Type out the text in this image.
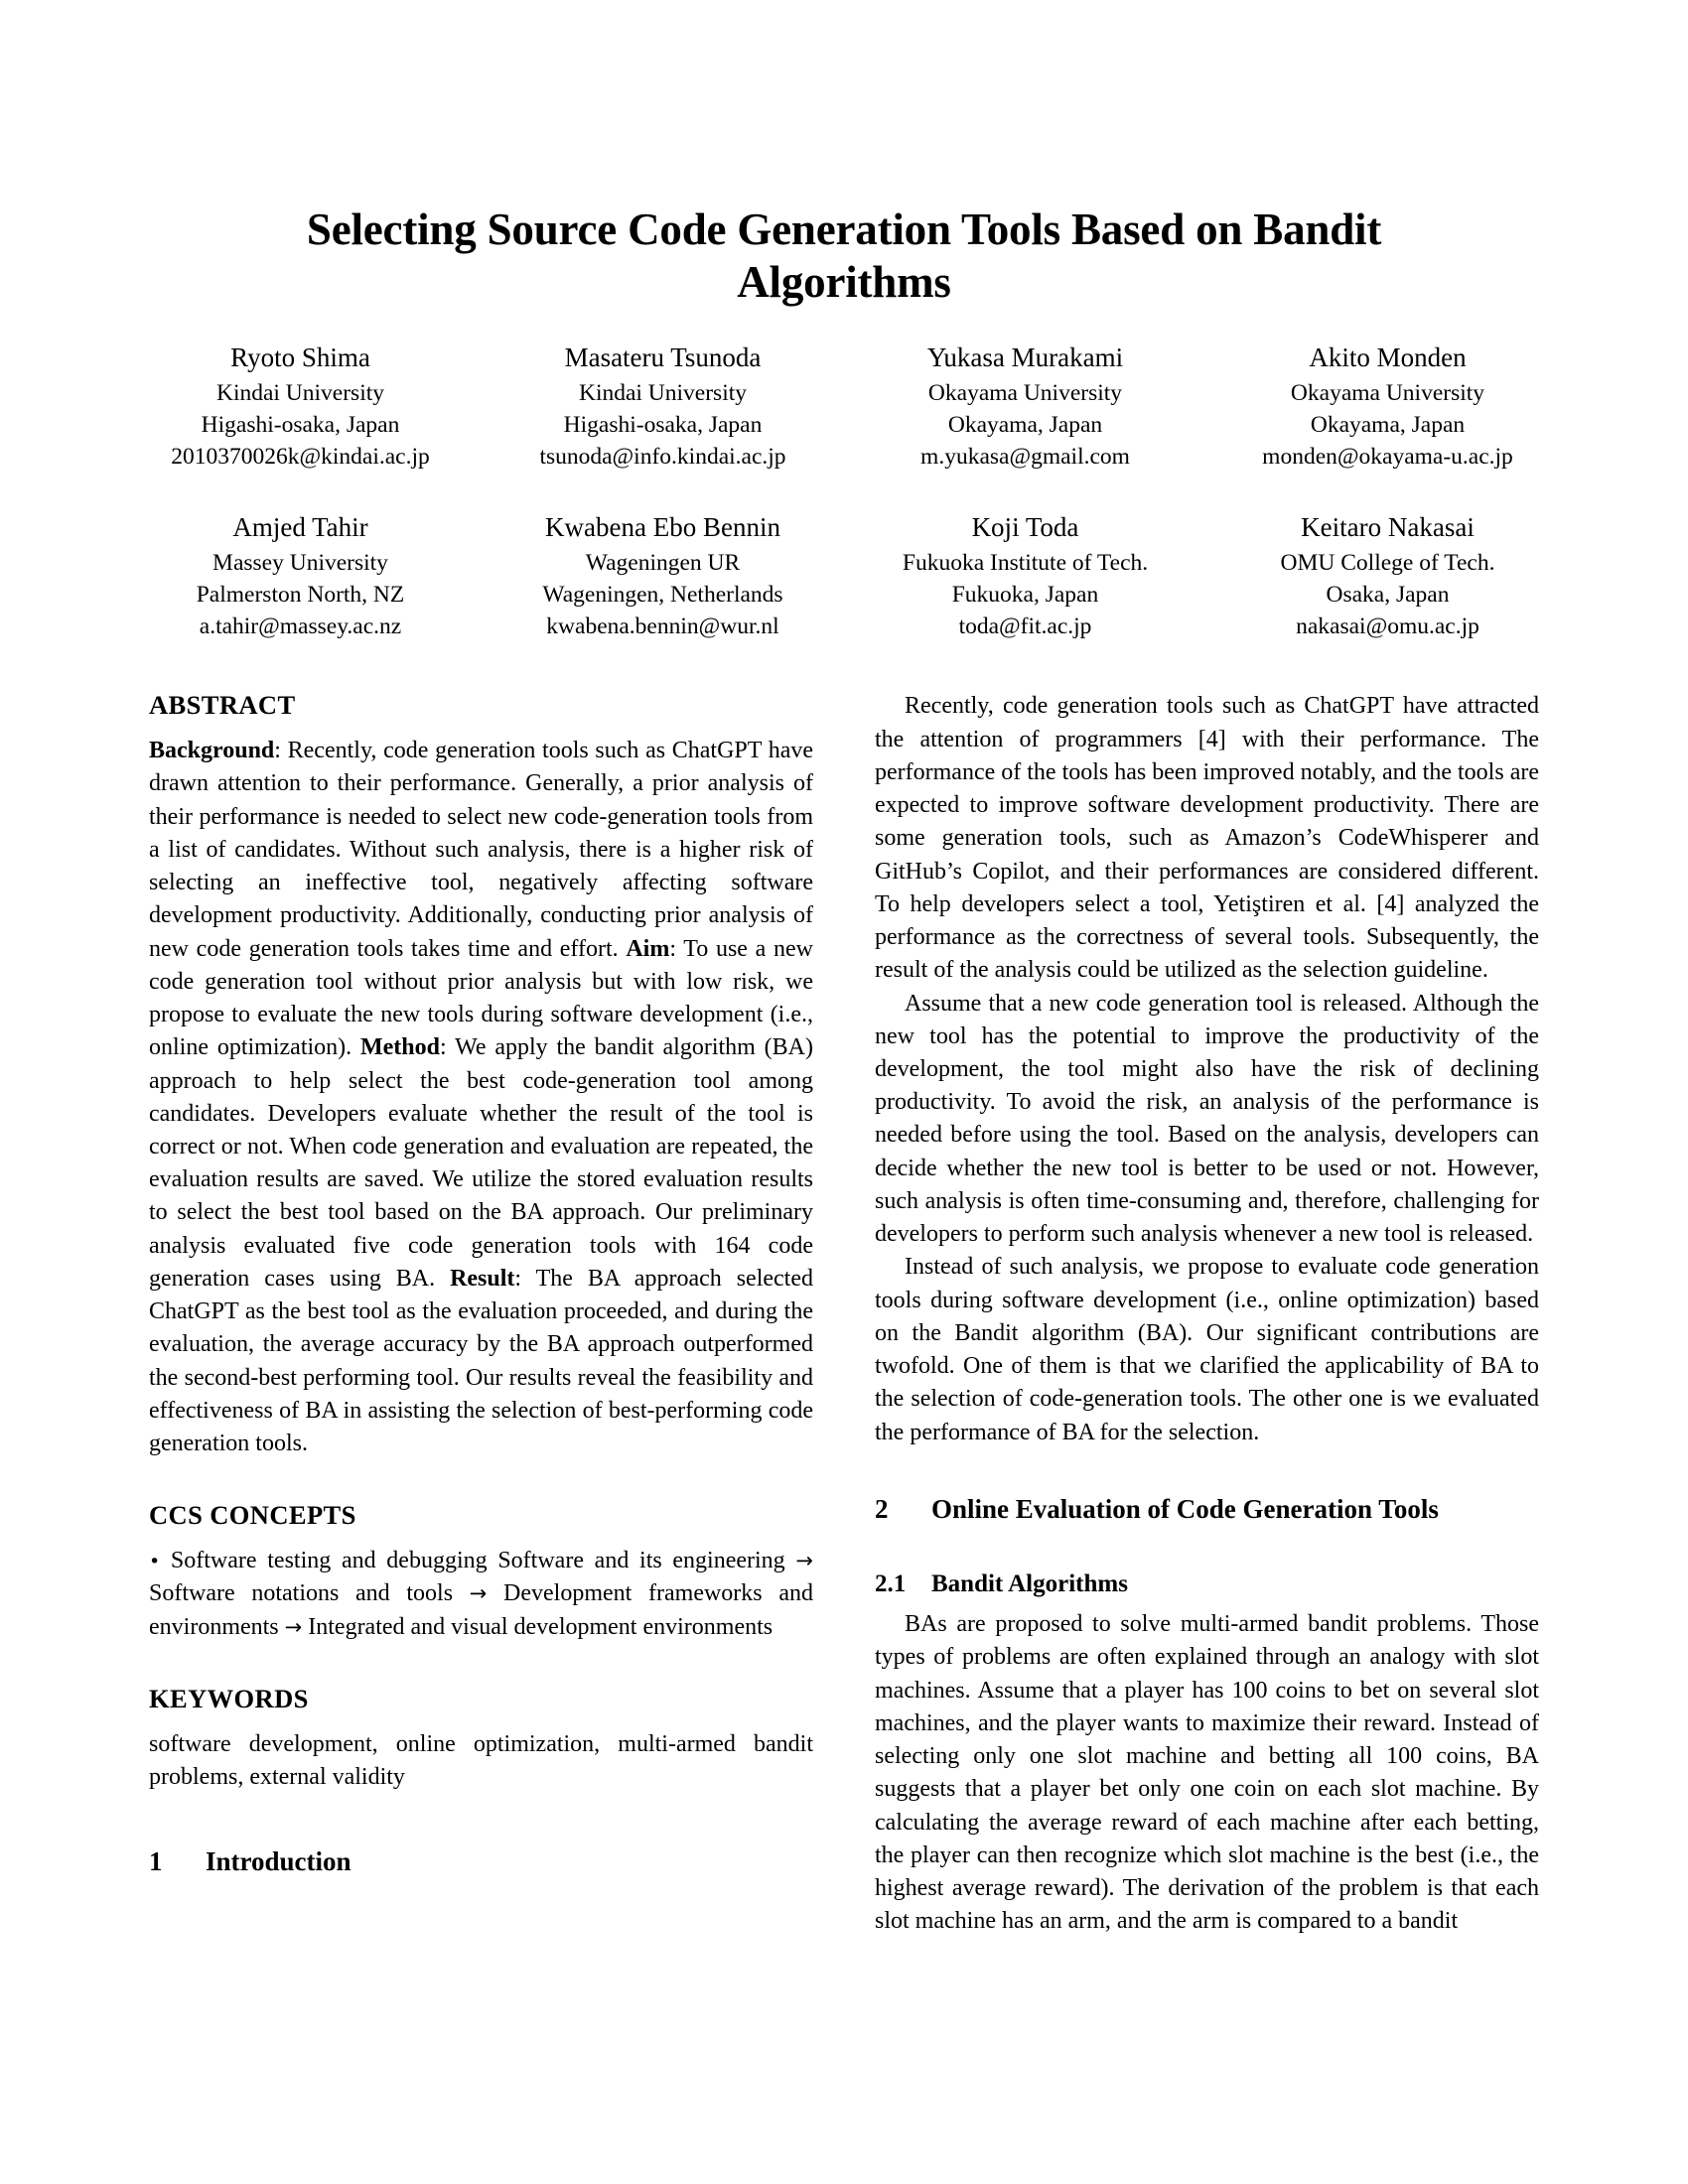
Selecting Source Code Generation Tools Based on Bandit Algorithms
Ryoto Shima
Kindai University
Higashi-osaka, Japan
2010370026k@kindai.ac.jp
Masateru Tsunoda
Kindai University
Higashi-osaka, Japan
tsunoda@info.kindai.ac.jp
Yukasa Murakami
Okayama University
Okayama, Japan
m.yukasa@gmail.com
Akito Monden
Okayama University
Okayama, Japan
monden@okayama-u.ac.jp
Amjed Tahir
Massey University
Palmerston North, NZ
a.tahir@massey.ac.nz
Kwabena Ebo Bennin
Wageningen UR
Wageningen, Netherlands
kwabena.bennin@wur.nl
Koji Toda
Fukuoka Institute of Tech.
Fukuoka, Japan
toda@fit.ac.jp
Keitaro Nakasai
OMU College of Tech.
Osaka, Japan
nakasai@omu.ac.jp
ABSTRACT

Background: Recently, code generation tools such as ChatGPT have drawn attention to their performance. Generally, a prior analysis of their performance is needed to select new code-generation tools from a list of candidates. Without such analysis, there is a higher risk of selecting an ineffective tool, negatively affecting software development productivity. Additionally, conducting prior analysis of new code generation tools takes time and effort. Aim: To use a new code generation tool without prior analysis but with low risk, we propose to evaluate the new tools during software development (i.e., online optimization). Method: We apply the bandit algorithm (BA) approach to help select the best code-generation tool among candidates. Developers evaluate whether the result of the tool is correct or not. When code generation and evaluation are repeated, the evaluation results are saved. We utilize the stored evaluation results to select the best tool based on the BA approach. Our preliminary analysis evaluated five code generation tools with 164 code generation cases using BA. Result: The BA approach selected ChatGPT as the best tool as the evaluation proceeded, and during the evaluation, the average accuracy by the BA approach outperformed the second-best performing tool. Our results reveal the feasibility and effectiveness of BA in assisting the selection of best-performing code generation tools.

CCS CONCEPTS

• Software testing and debugging Software and its engineering → Software notations and tools → Development frameworks and environments → Integrated and visual development environments

KEYWORDS

software development, online optimization, multi-armed bandit problems, external validity

1	Introduction

Recently, code generation tools such as ChatGPT have attracted the attention of programmers [4] with their performance. The performance of the tools has been improved notably, and the tools are expected to improve software development productivity. There are some generation tools, such as Amazon’s CodeWhisperer and GitHub’s Copilot, and their performances are considered different. To help developers select a tool, Yetiştiren et al. [4] analyzed the performance as the correctness of several tools. Subsequently, the result of the analysis could be utilized as the selection guideline.

Assume that a new code generation tool is released. Although the new tool has the potential to improve the productivity of the development, the tool might also have the risk of declining productivity. To avoid the risk, an analysis of the performance is needed before using the tool. Based on the analysis, developers can decide whether the new tool is better to be used or not. However, such analysis is often time-consuming and, therefore, challenging for developers to perform such analysis whenever a new tool is released.

Instead of such analysis, we propose to evaluate code generation tools during software development (i.e., online optimization) based on the Bandit algorithm (BA). Our significant contributions are twofold. One of them is that we clarified the applicability of BA to the selection of code-generation tools. The other one is we evaluated the performance of BA for the selection.

2	Online Evaluation of Code Generation Tools
2.1	Bandit Algorithms

BAs are proposed to solve multi-armed bandit problems. Those types of problems are often explained through an analogy with slot machines. Assume that a player has 100 coins to bet on several slot machines, and the player wants to maximize their reward. Instead of selecting only one slot machine and betting all 100 coins, BA suggests that a player bet only one coin on each slot machine. By calculating the average reward of each machine after each betting, the player can then recognize which slot machine is the best (i.e., the highest average reward). The derivation of the problem is that each slot machine has an arm, and the arm is compared to a bandit
